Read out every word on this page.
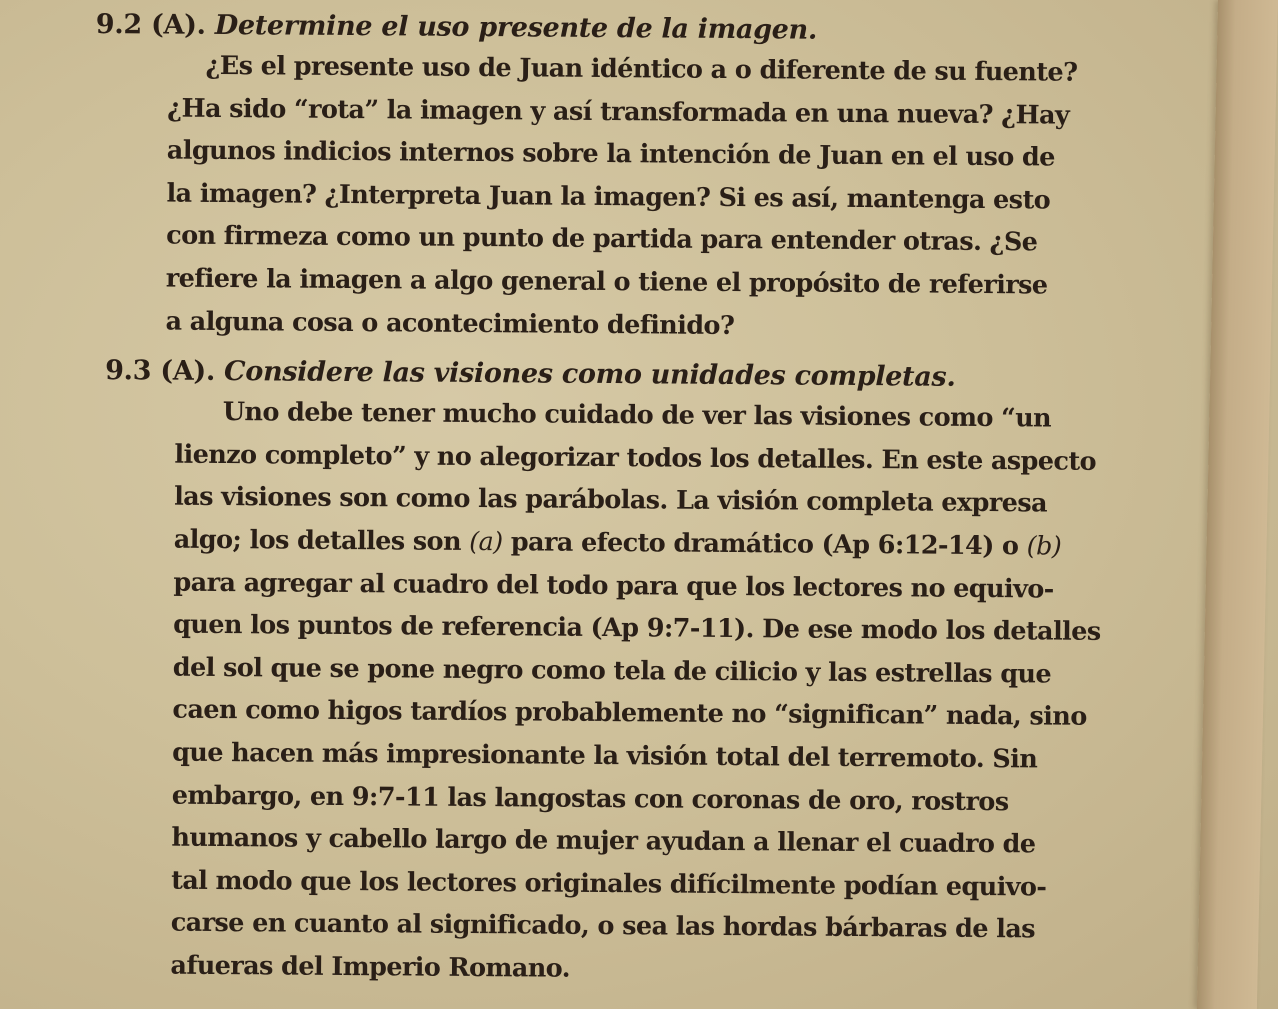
9.2 (A). Determine el uso presente de la imagen.

¿Es el presente uso de Juan idéntico a o diferente de su fuente?
¿Ha sido “rota” la imagen y así transformada en una nueva? ¿Hay
algunos indicios internos sobre la intención de Juan en el uso de
la imagen? ¿Interpreta Juan la imagen? Si es así, mantenga esto
con firmeza como un punto de partida para entender otras. ¿Se
refiere la imagen a algo general o tiene el propósito de referirse
a alguna cosa o acontecimiento definido?

9.3 (A). Considere las visiones como unidades completas.

Uno debe tener mucho cuidado de ver las visiones como “un
lienzo completo” y no alegorizar todos los detalles. En este aspecto
las visiones son como las parábolas. La visión completa expresa
algo; los detalles son (a) para efecto dramático (Ap 6:12-14) o (b)
para agregar al cuadro del todo para que los lectores no equivo-
quen los puntos de referencia (Ap 9:7-11). De ese modo los detalles
del sol que se pone negro como tela de cilicio y las estrellas que
caen como higos tardíos probablemente no “significan” nada, sino
que hacen más impresionante la visión total del terremoto. Sin
embargo, en 9:7-11 las langostas con coronas de oro, rostros
humanos y cabello largo de mujer ayudan a llenar el cuadro de
tal modo que los lectores originales difícilmente podían equivo-
carse en cuanto al significado, o sea las hordas bárbaras de las
afueras del Imperio Romano.
